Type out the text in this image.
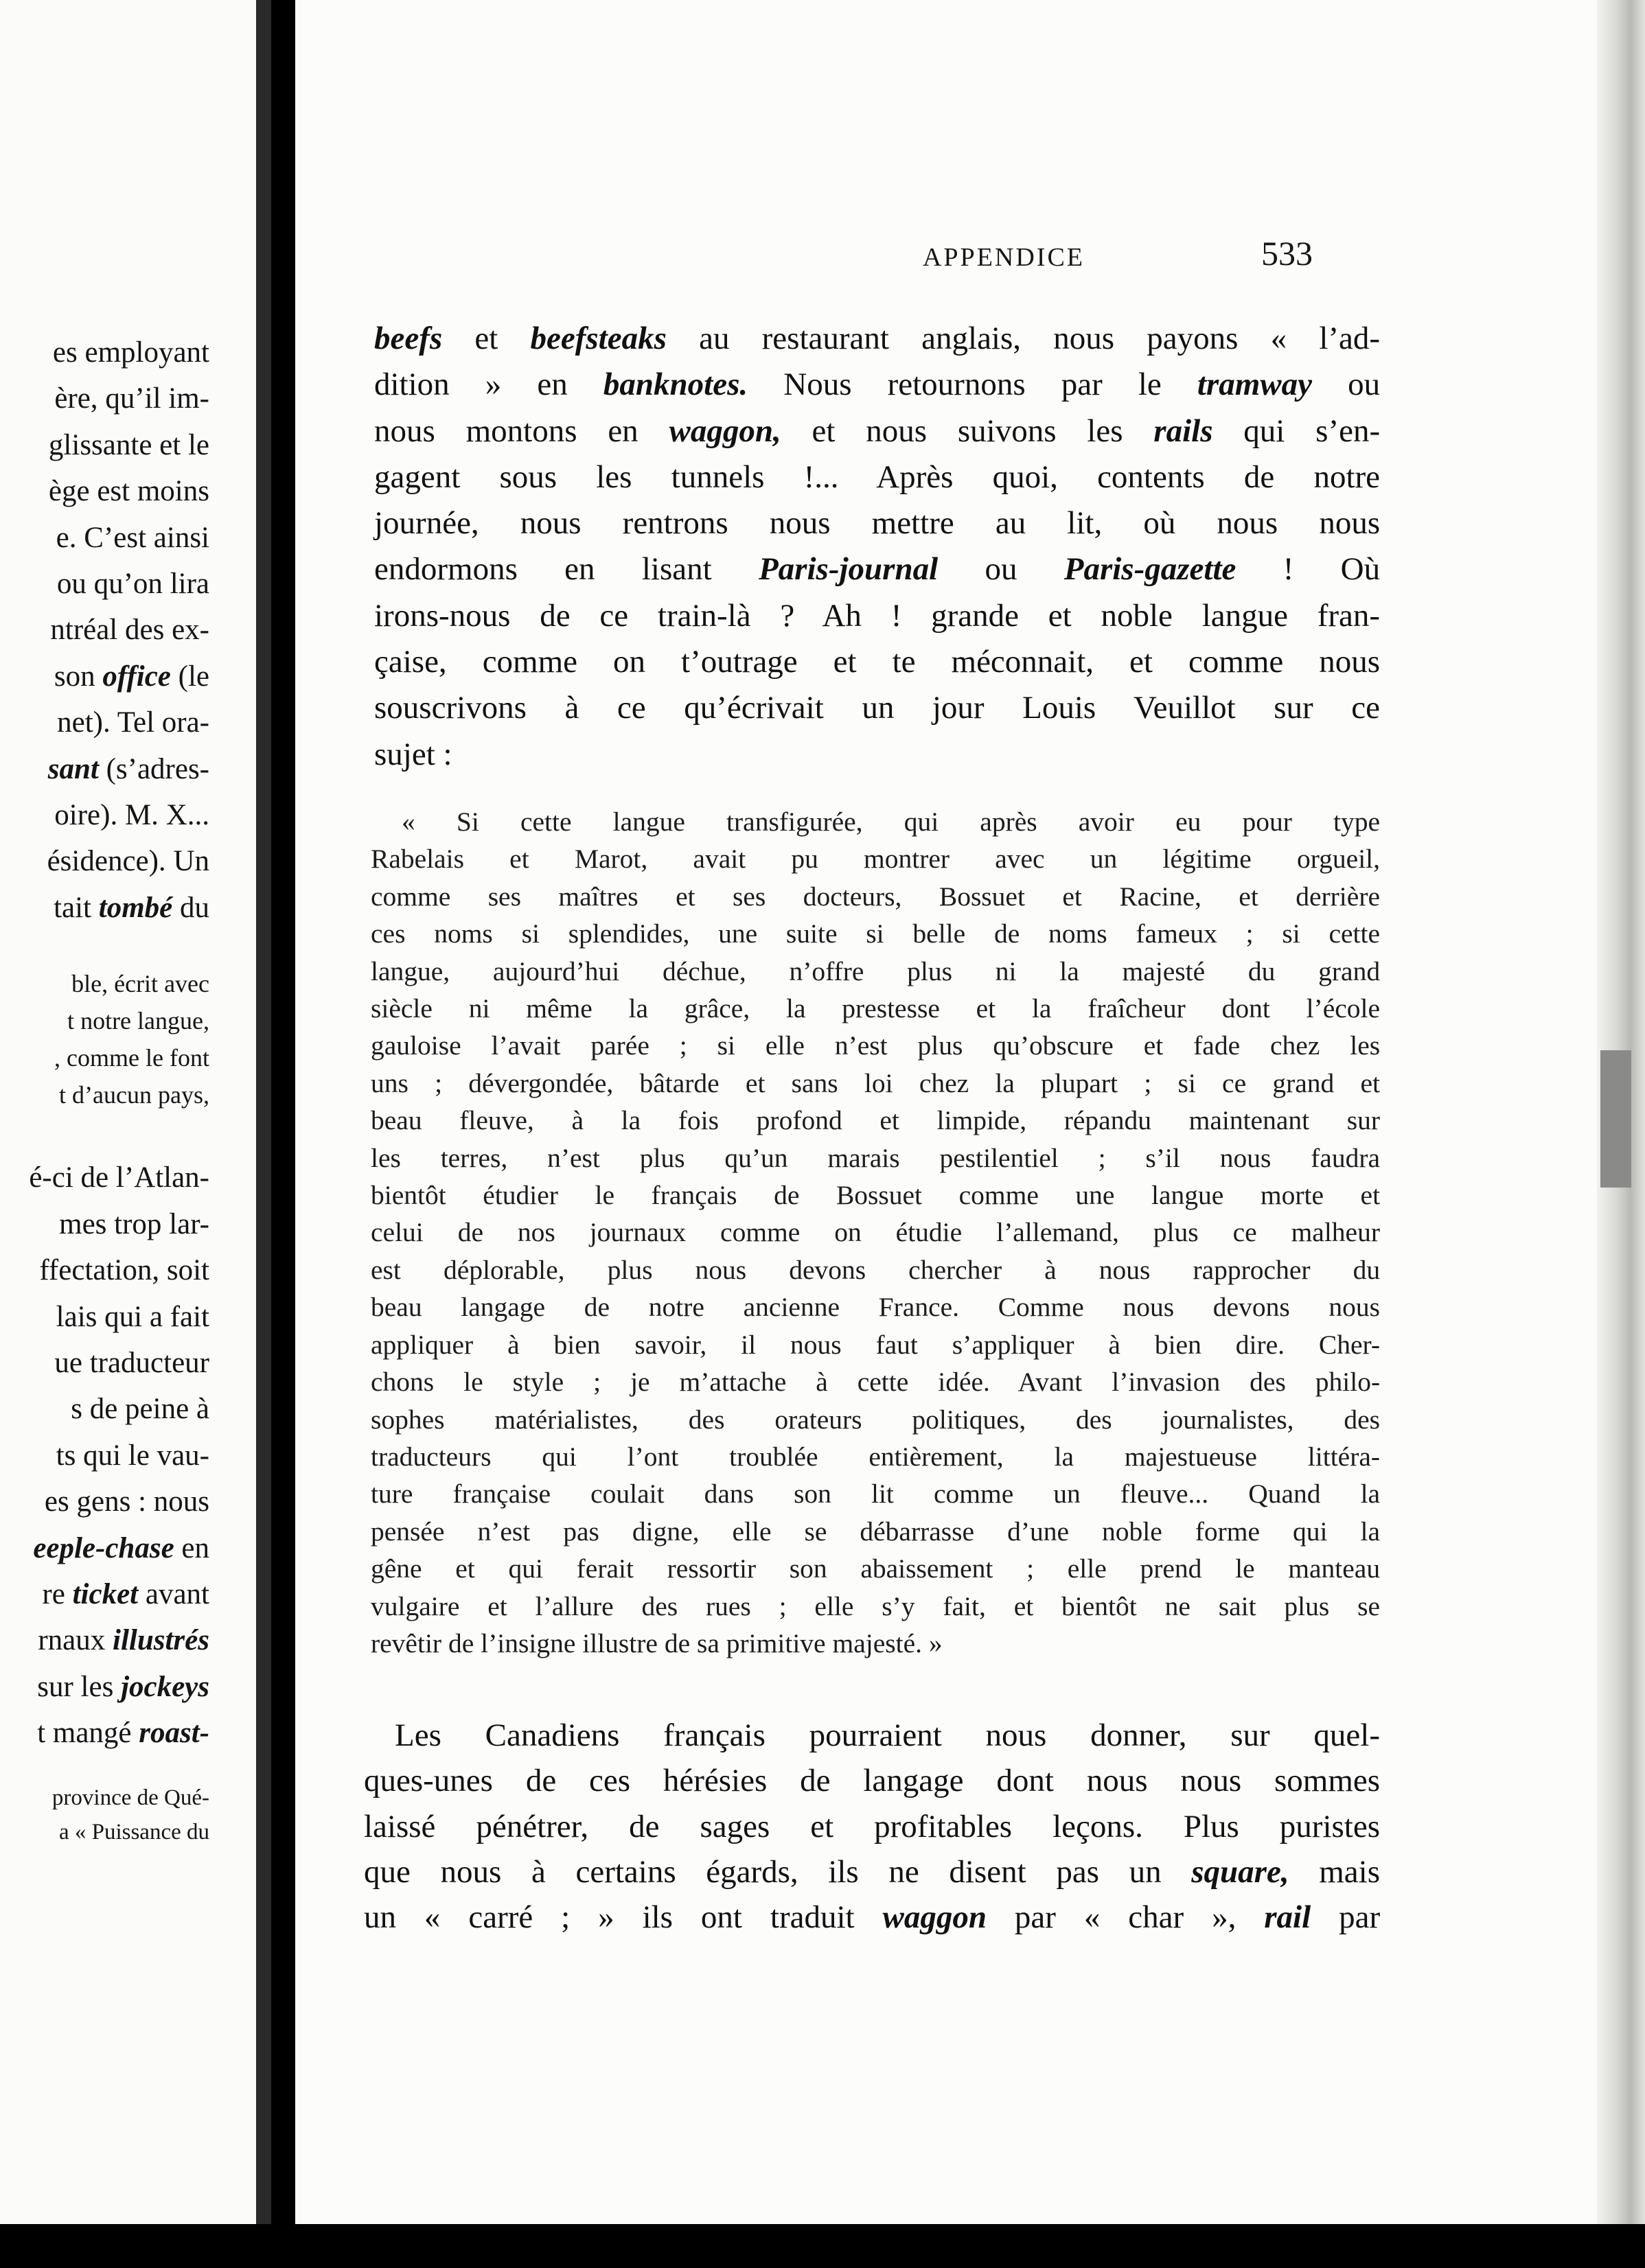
es employant
ère, qu’il im-
glissante et le
ège est moins
e. C’est ainsi
ou qu’on lira
ntréal des ex-
son office (le
net). Tel ora-
sant (s’adres-
oire). M. X...
ésidence). Un
tait tombé du
ble, écrit avec
t notre langue,
, comme le font
t d’aucun pays,
é-ci de l’Atlan-
mes trop lar-
ffectation, soit
lais qui a fait
ue traducteur
s de peine à
ts qui le vau-
es gens : nous
eeple-chase en
re ticket avant
rnaux illustrés
sur les jockeys
t mangé roast-
province de Qué-
a « Puissance du
APPENDICE	533
beefs et beefsteaks au restaurant anglais, nous payons « l’ad-
dition » en banknotes. Nous retournons par le tramway ou
nous montons en waggon, et nous suivons les rails qui s’en-
gagent sous les tunnels !... Après quoi, contents de notre
journée, nous rentrons nous mettre au lit, où nous nous
endormons en lisant Paris-journal ou Paris-gazette ! Où
irons-nous de ce train-là ? Ah ! grande et noble langue fran-
çaise, comme on t’outrage et te méconnait, et comme nous
souscrivons à ce qu’écrivait un jour Louis Veuillot sur ce
sujet :
« Si cette langue transfigurée, qui après avoir eu pour type
Rabelais et Marot, avait pu montrer avec un légitime orgueil,
comme ses maîtres et ses docteurs, Bossuet et Racine, et derrière
ces noms si splendides, une suite si belle de noms fameux ; si cette
langue, aujourd’hui déchue, n’offre plus ni la majesté du grand
siècle ni même la grâce, la prestesse et la fraîcheur dont l’école
gauloise l’avait parée ; si elle n’est plus qu’obscure et fade chez les
uns ; dévergondée, bâtarde et sans loi chez la plupart ; si ce grand et
beau fleuve, à la fois profond et limpide, répandu maintenant sur
les terres, n’est plus qu’un marais pestilentiel ; s’il nous faudra
bientôt étudier le français de Bossuet comme une langue morte et
celui de nos journaux comme on étudie l’allemand, plus ce malheur
est déplorable, plus nous devons chercher à nous rapprocher du
beau langage de notre ancienne France. Comme nous devons nous
appliquer à bien savoir, il nous faut s’appliquer à bien dire. Cher-
chons le style ; je m’attache à cette idée. Avant l’invasion des philo-
sophes matérialistes, des orateurs politiques, des journalistes, des
traducteurs qui l’ont troublée entièrement, la majestueuse littéra-
ture française coulait dans son lit comme un fleuve... Quand la
pensée n’est pas digne, elle se débarrasse d’une noble forme qui la
gêne et qui ferait ressortir son abaissement ; elle prend le manteau
vulgaire et l’allure des rues ; elle s’y fait, et bientôt ne sait plus se
revêtir de l’insigne illustre de sa primitive majesté. »
Les Canadiens français pourraient nous donner, sur quel-
ques-unes de ces hérésies de langage dont nous nous sommes
laissé pénétrer, de sages et profitables leçons. Plus puristes
que nous à certains égards, ils ne disent pas un square, mais
un « carré ; » ils ont traduit waggon par « char », rail par
